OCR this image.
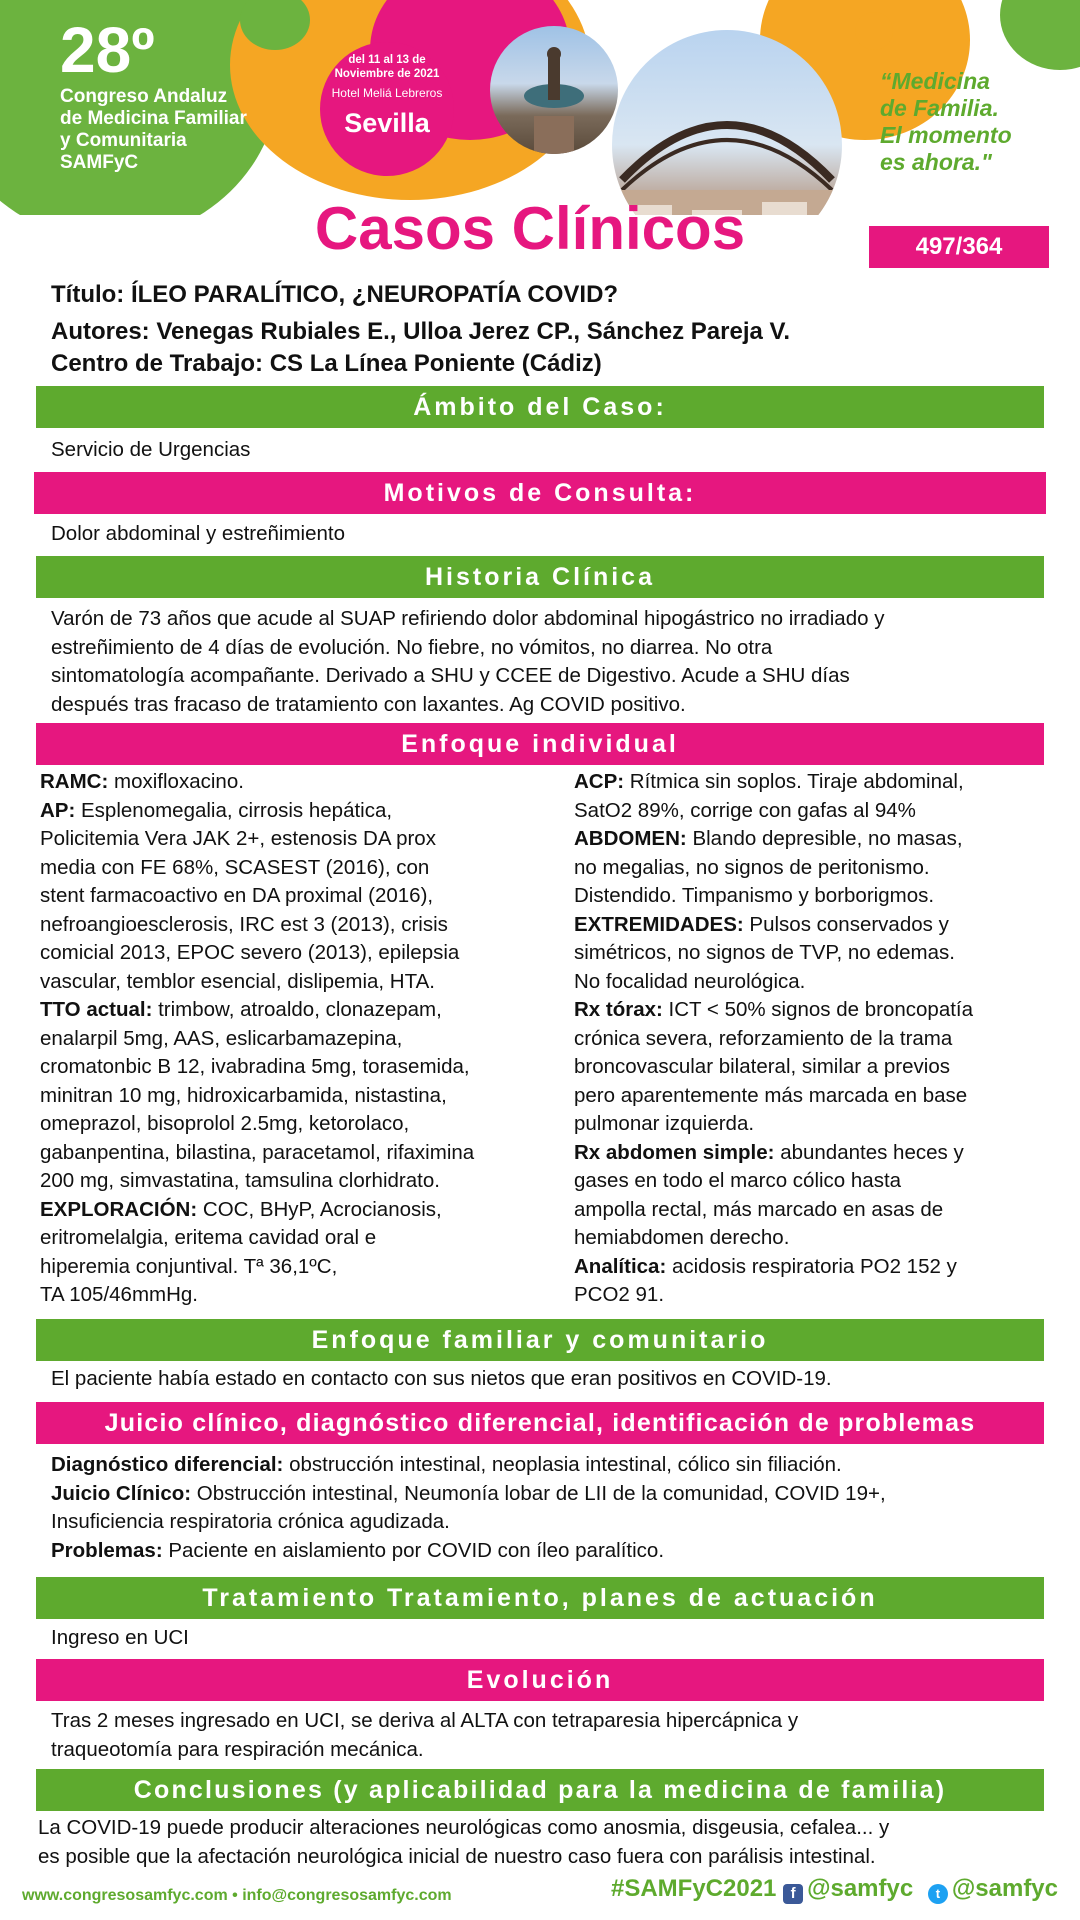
28º
Congreso Andaluz
de Medicina Familiar
y Comunitaria
SAMFyC
del 11 al 13 de
Noviembre de 2021
Hotel Meliá Lebreros
Sevilla
“Medicina
de Familia.
El momento
es ahora."
Casos Clínicos	497/364
Título: ÍLEO PARALÍTICO, ¿NEUROPATÍA COVID?
Autores: Venegas Rubiales E., Ulloa Jerez CP., Sánchez Pareja V.
Centro de Trabajo: CS La Línea Poniente (Cádiz)
Ámbito del Caso:
Servicio de Urgencias
Motivos de Consulta:
Dolor abdominal y estreñimiento
Historia Clínica

Varón de 73 años que acude al SUAP refiriendo dolor abdominal hipogástrico no irradiado y

estreñimiento de 4 días de evolución. No fiebre, no vómitos, no diarrea. No otra

sintomatología acompañante. Derivado a SHU y CCEE de Digestivo. Acude a SHU días

después tras fracaso de tratamiento con laxantes. Ag COVID positivo.

Enfoque individual

RAMC: moxifloxacino.

AP: Esplenomegalia, cirrosis hepática,

Policitemia Vera JAK 2+, estenosis DA prox

media con FE 68%, SCASEST (2016), con

stent farmacoactivo en DA proximal (2016),

nefroangioesclerosis, IRC est 3 (2013), crisis

comicial 2013, EPOC severo (2013), epilepsia

vascular, temblor esencial, dislipemia, HTA.

TTO actual: trimbow, atroaldo, clonazepam,

enalarpil 5mg, AAS, eslicarbamazepina,

cromatonbic B 12, ivabradina 5mg, torasemida,

minitran 10 mg, hidroxicarbamida, nistastina,

omeprazol, bisoprolol 2.5mg, ketorolaco,

gabanpentina, bilastina, paracetamol, rifaximina

200 mg, simvastatina, tamsulina clorhidrato.

EXPLORACIÓN: COC, BHyP, Acrocianosis,

eritromelalgia, eritema cavidad oral e

hiperemia conjuntival. Tª 36,1ºC,

TA 105/46mmHg.

ACP: Rítmica sin soplos. Tiraje abdominal,

SatO2 89%, corrige con gafas al 94%

ABDOMEN: Blando depresible, no masas,

no megalias, no signos de peritonismo.

Distendido. Timpanismo y borborigmos.

EXTREMIDADES: Pulsos conservados y

simétricos, no signos de TVP, no edemas.

No focalidad neurológica.

Rx tórax: ICT < 50% signos de broncopatía

crónica severa, reforzamiento de la trama

broncovascular bilateral, similar a previos

pero aparentemente más marcada en base

pulmonar izquierda.

Rx abdomen simple: abundantes heces y

gases en todo el marco cólico hasta

ampolla rectal, más marcado en asas de

hemiabdomen derecho.

Analítica: acidosis respiratoria PO2 152 y

PCO2 91.

Enfoque familiar y comunitario
El paciente había estado en contacto con sus nietos que eran positivos en COVID-19.
Juicio clínico, diagnóstico diferencial, identificación de problemas

Diagnóstico diferencial: obstrucción intestinal, neoplasia intestinal, cólico sin filiación.

Juicio Clínico: Obstrucción intestinal, Neumonía lobar de LII de la comunidad, COVID 19+,

Insuficiencia respiratoria crónica agudizada.

Problemas: Paciente en aislamiento por COVID con íleo paralítico.

Tratamiento Tratamiento, planes de actuación
Ingreso en UCI
Evolución

Tras 2 meses ingresado en UCI, se deriva al ALTA con tetraparesia hipercápnica y

traqueotomía para respiración mecánica.

Conclusiones (y aplicabilidad para la medicina de familia)

La COVID-19 puede producir alteraciones neurológicas como anosmia, disgeusia, cefalea... y

es posible que la afectación neurológica inicial de nuestro caso fuera con parálisis intestinal.

www.congresosamfyc.com • info@congresosamfyc.com	#SAMFyC2021 f @samfyc t @samfyc
